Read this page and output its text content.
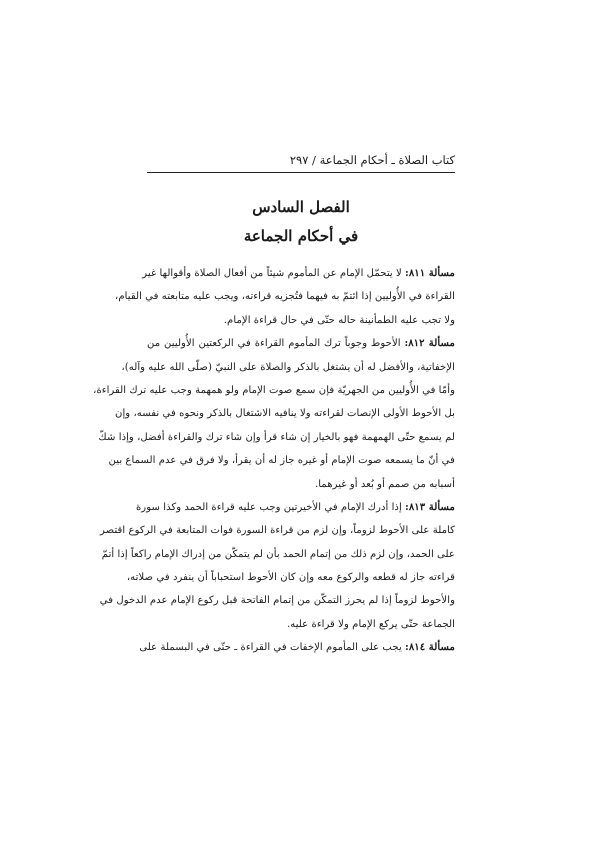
كتاب الصلاة ـ أحكام الجماعة / ٢٩٧
الفصل السادس
في أحكام الجماعة
مسألة ٨١١: لا يتحمّل الإمام عن المأموم شيئاً من أفعال الصلاة وأقوالها غير
القراءة في الأُوليين إذا ائتمّ به فيهما فتُجزيه قراءته، ويجب عليه متابعته في القيام،
ولا تجب عليه الطمأنينة حاله حتّى في حال قراءة الإمام.
مسألة ٨١٢: الأحوط وجوباً ترك المأموم القراءة في الركعتين الأُوليين من
الإخفاتية، والأفضل له أن يشتغل بالذكر والصلاة على النبيّ (صلّى الله عليه وآله)،
وأمّا في الأُوليين من الجهريّة فإن سمع صوت الإمام ولو همهمة وجب عليه ترك القراءة،
بل الأحوط الأولى الإنصات لقراءته ولا ينافيه الاشتغال بالذكر ونحوه في نفسه، وإن
لم يسمع حتّى الهمهمة فهو بالخيار إن شاء قرأ وإن شاء ترك والقراءة أفضل، وإذا شكّ
في أنّ ما يسمعه صوت الإمام أو غيره جاز له أن يقرأ، ولا فرق في عدم السماع بين
أسبابه من صمم أو بُعد أو غيرهما.
مسألة ٨١٣: إذا أدرك الإمام في الأخيرتين وجب عليه قراءة الحمد وكذا سورة
كاملة على الأحوط لزوماً، وإن لزم من قراءة السورة فوات المتابعة في الركوع اقتصر
على الحمد، وإن لزم ذلك من إتمام الحمد بأن لم يتمكّن من إدراك الإمام راكعاً إذا أتمّ
قراءته جاز له قطعه والركوع معه وإن كان الأحوط استحباباً أن ينفرد في صلاته،
والأحوط لزوماً إذا لم يحرز التمكّن من إتمام الفاتحة قبل ركوع الإمام عدم الدخول في
الجماعة حتّى يركع الإمام ولا قراءة عليه.
مسألة ٨١٤: يجب على المأموم الإخفات في القراءة ـ حتّى في البسملة على
